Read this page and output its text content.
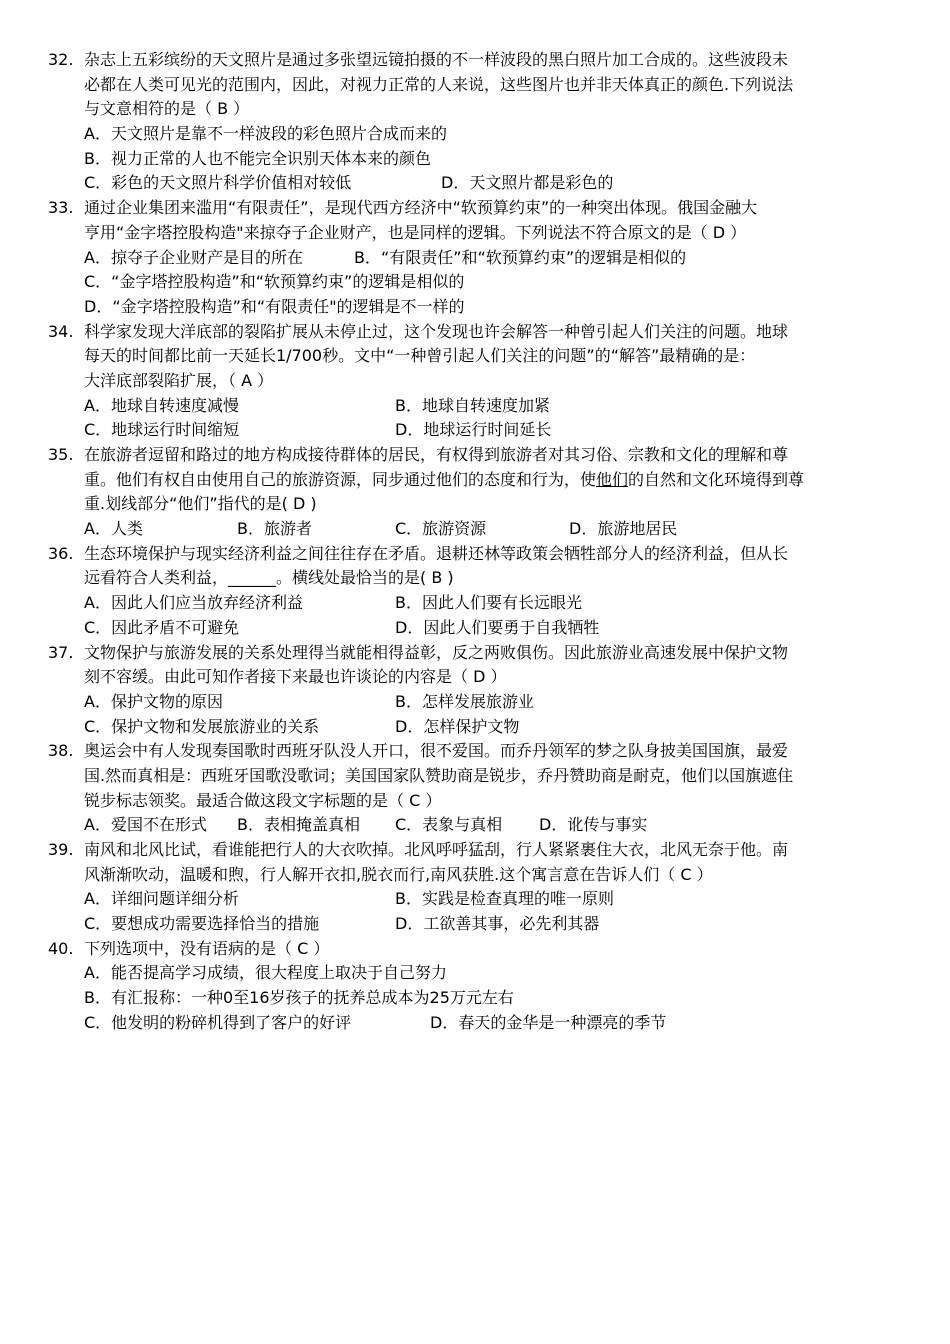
32. 杂志上五彩缤纷的天文照片是通过多张望远镜拍摄的不一样波段的黑白照片加工合成的。这些波段未
必都在人类可见光的范围内，因此，对视力正常的人来说，这些图片也并非天体真正的颜色.下列说法
与文意相符的是（ B ）
A．天文照片是靠不一样波段的彩色照片合成而来的
B．视力正常的人也不能完全识别天体本来的颜色
C．彩色的天文照片科学价值相对较低	D．天文照片都是彩色的
33. 通过企业集团来滥用“有限责任”，是现代西方经济中“软预算约束”的一种突出体现。俄国金融大
亨用“金字塔控股构造"来掠夺子企业财产，也是同样的逻辑。下列说法不符合原文的是（ D ）
A．掠夺子企业财产是目的所在	B．“有限责任”和“软预算约束”的逻辑是相似的
C．“金字塔控股构造”和“软预算约束”的逻辑是相似的
D．“金字塔控股构造”和“有限责任"的逻辑是不一样的
34. 科学家发现大洋底部的裂陷扩展从未停止过，这个发现也许会解答一种曾引起人们关注的问题。地球
每天的时间都比前一天延长1/700秒。文中“一种曾引起人们关注的问题”的“解答”最精确的是：
大洋底部裂陷扩展，（ A ）
A．地球自转速度减慢	B．地球自转速度加紧
C．地球运行时间缩短	D．地球运行时间延长
35. 在旅游者逗留和路过的地方构成接待群体的居民，有权得到旅游者对其习俗、宗教和文化的理解和尊
重。他们有权自由使用自己的旅游资源，同步通过他们的态度和行为，使他们的自然和文化环境得到尊
重.划线部分“他们”指代的是( D )
A．人类	B．旅游者	C．旅游资源	D．旅游地居民
36. 生态环境保护与现实经济利益之间往往存在矛盾。退耕还林等政策会牺牲部分人的经济利益，但从长
远看符合人类利益，______。横线处最恰当的是( B )
A．因此人们应当放弃经济利益	B．因此人们要有长远眼光
C．因此矛盾不可避免	D．因此人们要勇于自我牺牲
37. 文物保护与旅游发展的关系处理得当就能相得益彰，反之两败俱伤。因此旅游业高速发展中保护文物
刻不容缓。由此可知作者接下来最也许谈论的内容是（ D ）
A．保护文物的原因	B．怎样发展旅游业
C．保护文物和发展旅游业的关系	D．怎样保护文物
38. 奥运会中有人发现奏国歌时西班牙队没人开口，很不爱国。而乔丹领军的梦之队身披美国国旗，最爱
国.然而真相是：西班牙国歌没歌词；美国国家队赞助商是锐步，乔丹赞助商是耐克，他们以国旗遮住
锐步标志领奖。最适合做这段文字标题的是（ C ）
A．爱国不在形式 B．表相掩盖真相 C．表象与真相 D．讹传与事实
39. 南风和北风比试，看谁能把行人的大衣吹掉。北风呼呼猛刮，行人紧紧裹住大衣，北风无奈于他。南
风渐渐吹动，温暖和煦，行人解开衣扣,脱衣而行,南风获胜.这个寓言意在告诉人们（ C ）
A．详细问题详细分析	B．实践是检查真理的唯一原则
C．要想成功需要选择恰当的措施	D．工欲善其事，必先利其器
40. 下列选项中，没有语病的是（ C ）
A．能否提高学习成绩，很大程度上取决于自己努力
B．有汇报称：一种0至16岁孩子的抚养总成本为25万元左右
C．他发明的粉碎机得到了客户的好评	D．春天的金华是一种漂亮的季节
